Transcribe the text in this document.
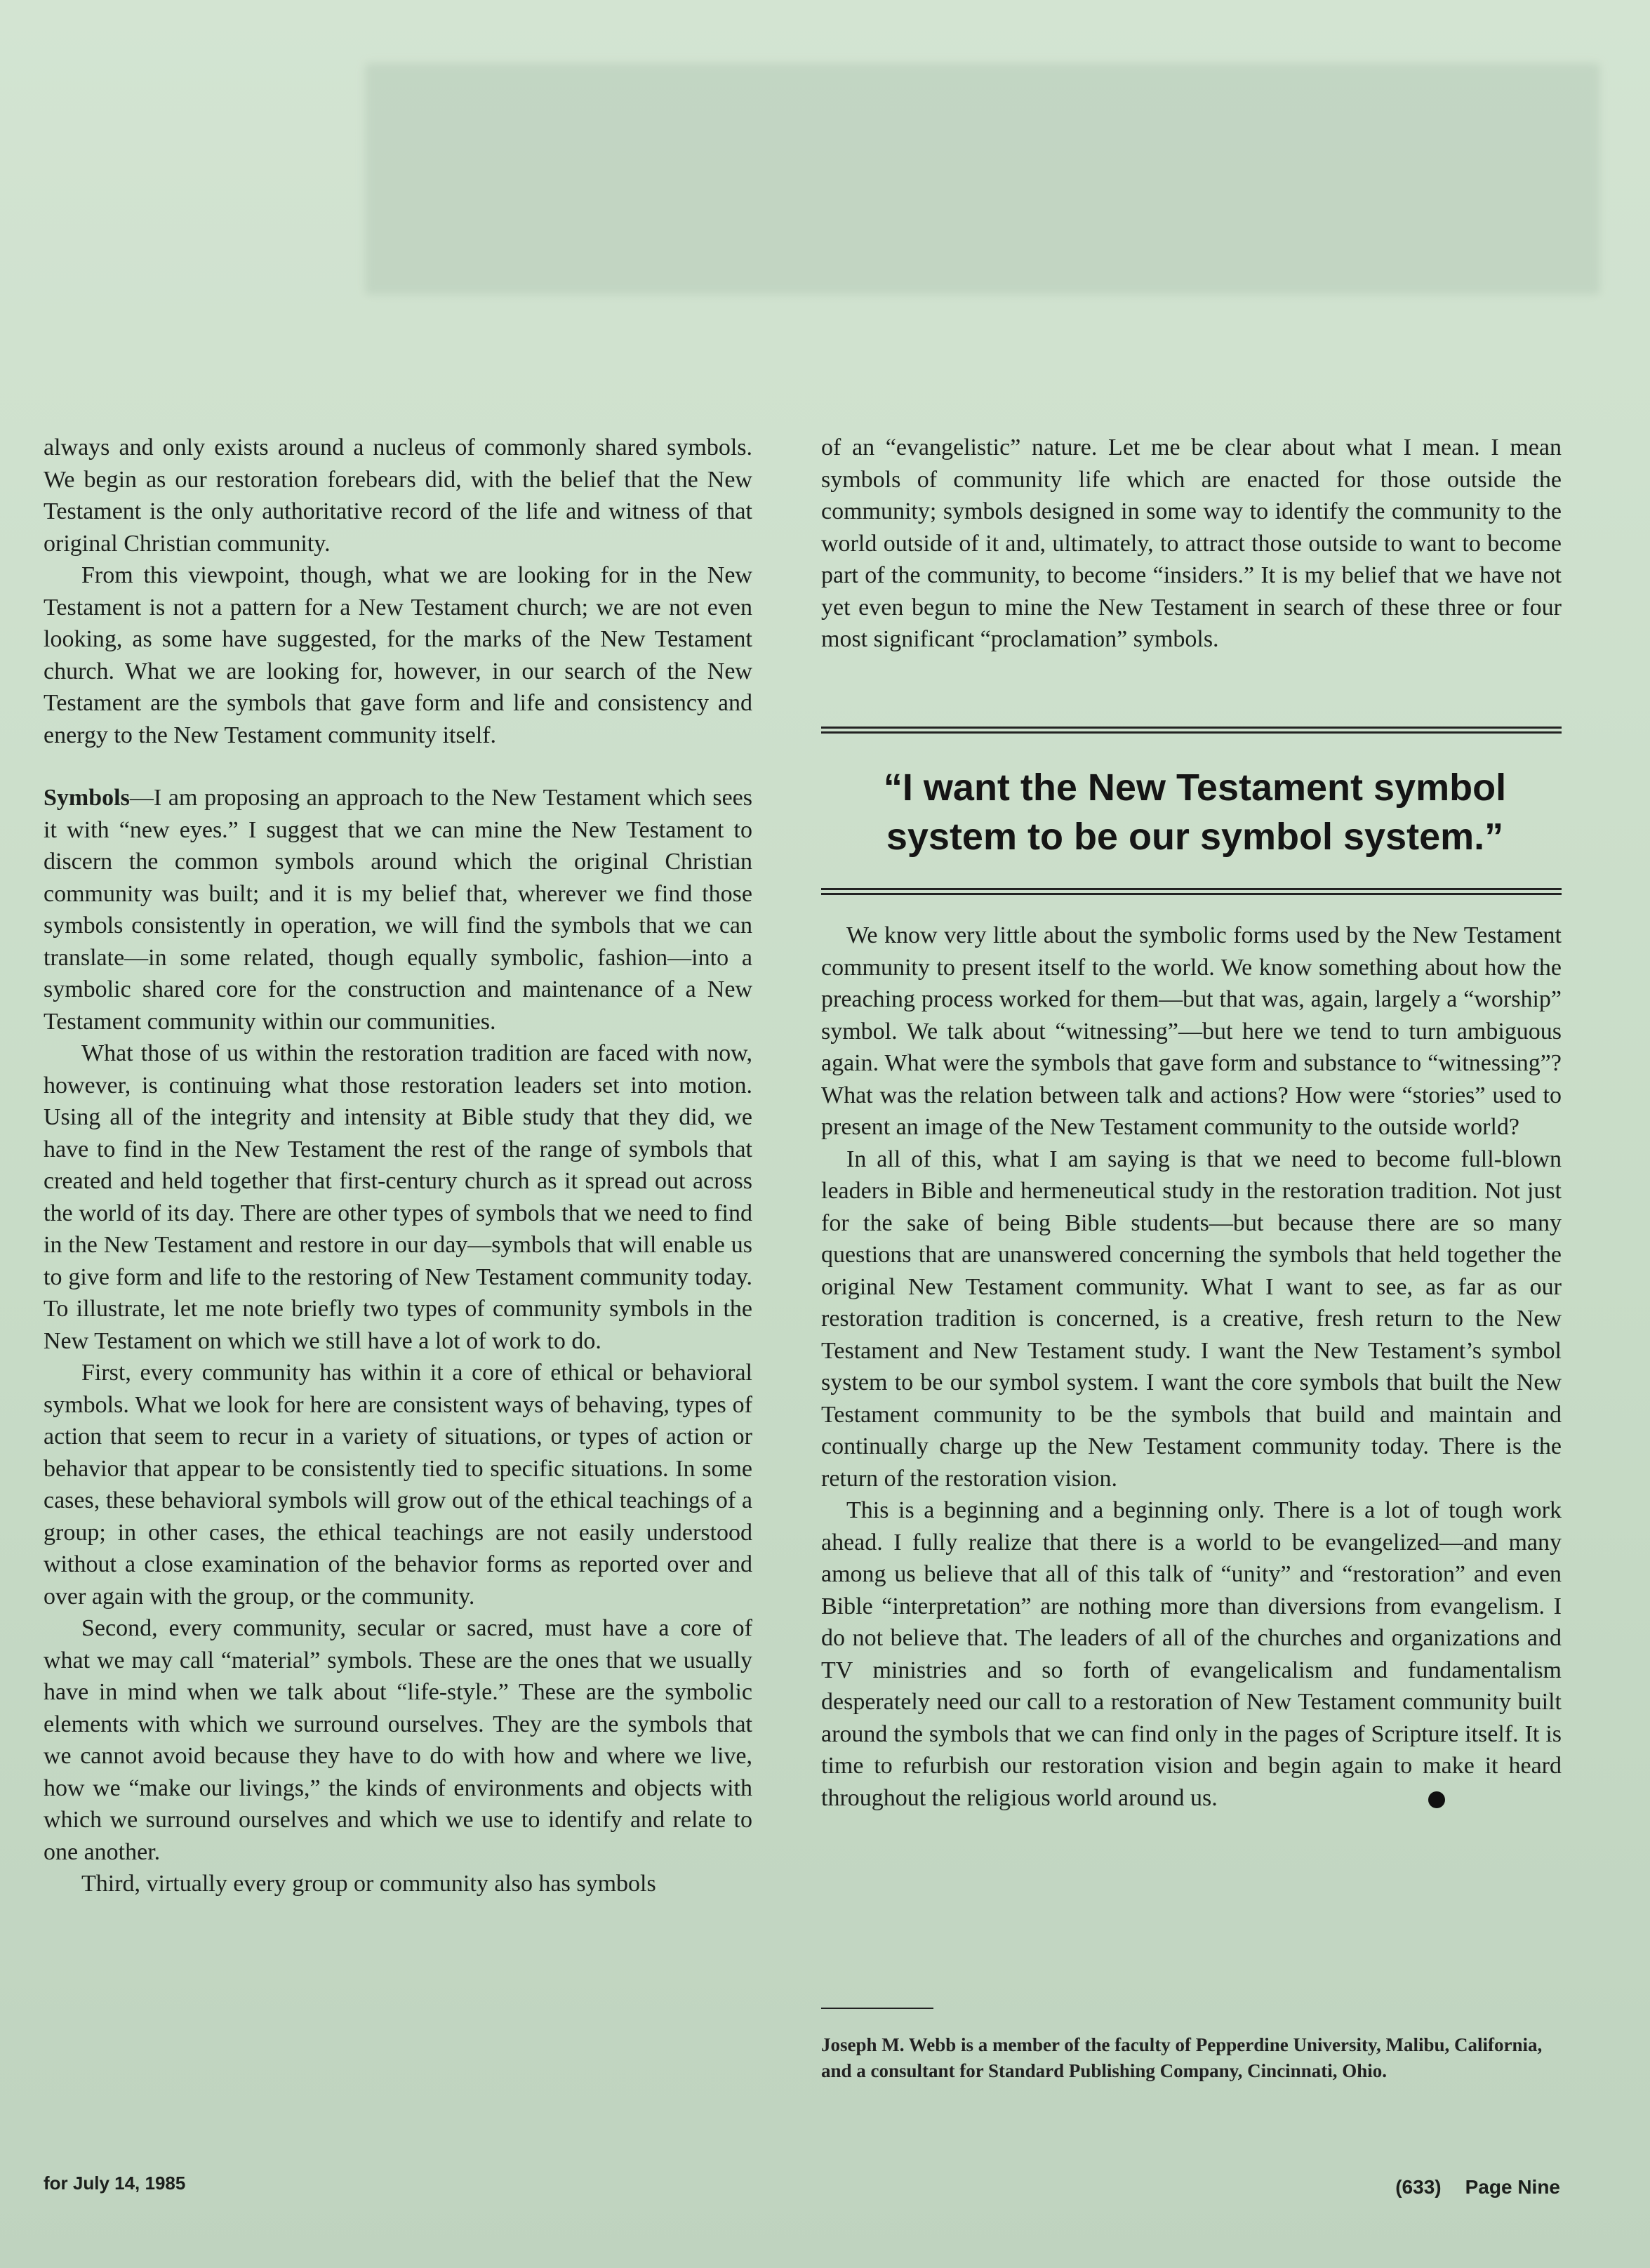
always and only exists around a nucleus of commonly shared symbols. We begin as our restoration forebears did, with the belief that the New Testament is the only authoritative record of the life and witness of that original Christian community.

From this viewpoint, though, what we are looking for in the New Testament is not a pattern for a New Testament church; we are not even looking, as some have suggested, for the marks of the New Testament church. What we are looking for, however, in our search of the New Testament are the symbols that gave form and life and consistency and energy to the New Testament community itself.

Symbols—I am proposing an approach to the New Testament which sees it with “new eyes.” I suggest that we can mine the New Testament to discern the common symbols around which the original Christian community was built; and it is my belief that, wherever we find those symbols consistently in operation, we will find the symbols that we can translate—in some related, though equally symbolic, fashion—into a symbolic shared core for the construction and maintenance of a New Testament community within our communities.

What those of us within the restoration tradition are faced with now, however, is continuing what those restoration leaders set into motion. Using all of the integrity and intensity at Bible study that they did, we have to find in the New Testament the rest of the range of symbols that created and held together that first-century church as it spread out across the world of its day. There are other types of symbols that we need to find in the New Testament and restore in our day—symbols that will enable us to give form and life to the restoring of New Testament community today. To illustrate, let me note briefly two types of community symbols in the New Testament on which we still have a lot of work to do.

First, every community has within it a core of ethical or behavioral symbols. What we look for here are consistent ways of behaving, types of action that seem to recur in a variety of situations, or types of action or behavior that appear to be consistently tied to specific situations. In some cases, these behavioral symbols will grow out of the ethical teachings of a group; in other cases, the ethical teachings are not easily understood without a close examination of the behavior forms as reported over and over again with the group, or the community.

Second, every community, secular or sacred, must have a core of what we may call “material” symbols. These are the ones that we usually have in mind when we talk about “life-style.” These are the symbolic elements with which we surround ourselves. They are the symbols that we cannot avoid because they have to do with how and where we live, how we “make our livings,” the kinds of environments and objects with which we surround ourselves and which we use to identify and relate to one another.

Third, virtually every group or community also has symbols

of an “evangelistic” nature. Let me be clear about what I mean. I mean symbols of community life which are enacted for those outside the community; symbols designed in some way to identify the community to the world outside of it and, ultimately, to attract those outside to want to become part of the community, to become “insiders.” It is my belief that we have not yet even begun to mine the New Testament in search of these three or four most significant “proclamation” symbols.

“I want the New Testament symbol system to be our symbol system.”

We know very little about the symbolic forms used by the New Testament community to present itself to the world. We know something about how the preaching process worked for them—but that was, again, largely a “worship” symbol. We talk about “witnessing”—but here we tend to turn ambiguous again. What were the symbols that gave form and substance to “witnessing”? What was the relation between talk and actions? How were “stories” used to present an image of the New Testament community to the outside world?

In all of this, what I am saying is that we need to become full-blown leaders in Bible and hermeneutical study in the restoration tradition. Not just for the sake of being Bible students—but because there are so many questions that are unanswered concerning the symbols that held together the original New Testament community. What I want to see, as far as our restoration tradition is concerned, is a creative, fresh return to the New Testament and New Testament study. I want the New Testament’s symbol system to be our symbol system. I want the core symbols that built the New Testament community to be the symbols that build and maintain and continually charge up the New Testament community today. There is the return of the restoration vision.

This is a beginning and a beginning only. There is a lot of tough work ahead. I fully realize that there is a world to be evangelized—and many among us believe that all of this talk of “unity” and “restoration” and even Bible “interpretation” are nothing more than diversions from evangelism. I do not believe that. The leaders of all of the churches and organizations and TV ministries and so forth of evangelicalism and fundamentalism desperately need our call to a restoration of New Testament community built around the symbols that we can find only in the pages of Scripture itself. It is time to refurbish our restoration vision and begin again to make it heard throughout the religious world around us.

Joseph M. Webb is a member of the faculty of Pepperdine University, Malibu, California, and a consultant for Standard Publishing Company, Cincinnati, Ohio.
for July 14, 1985	(633) Page Nine
